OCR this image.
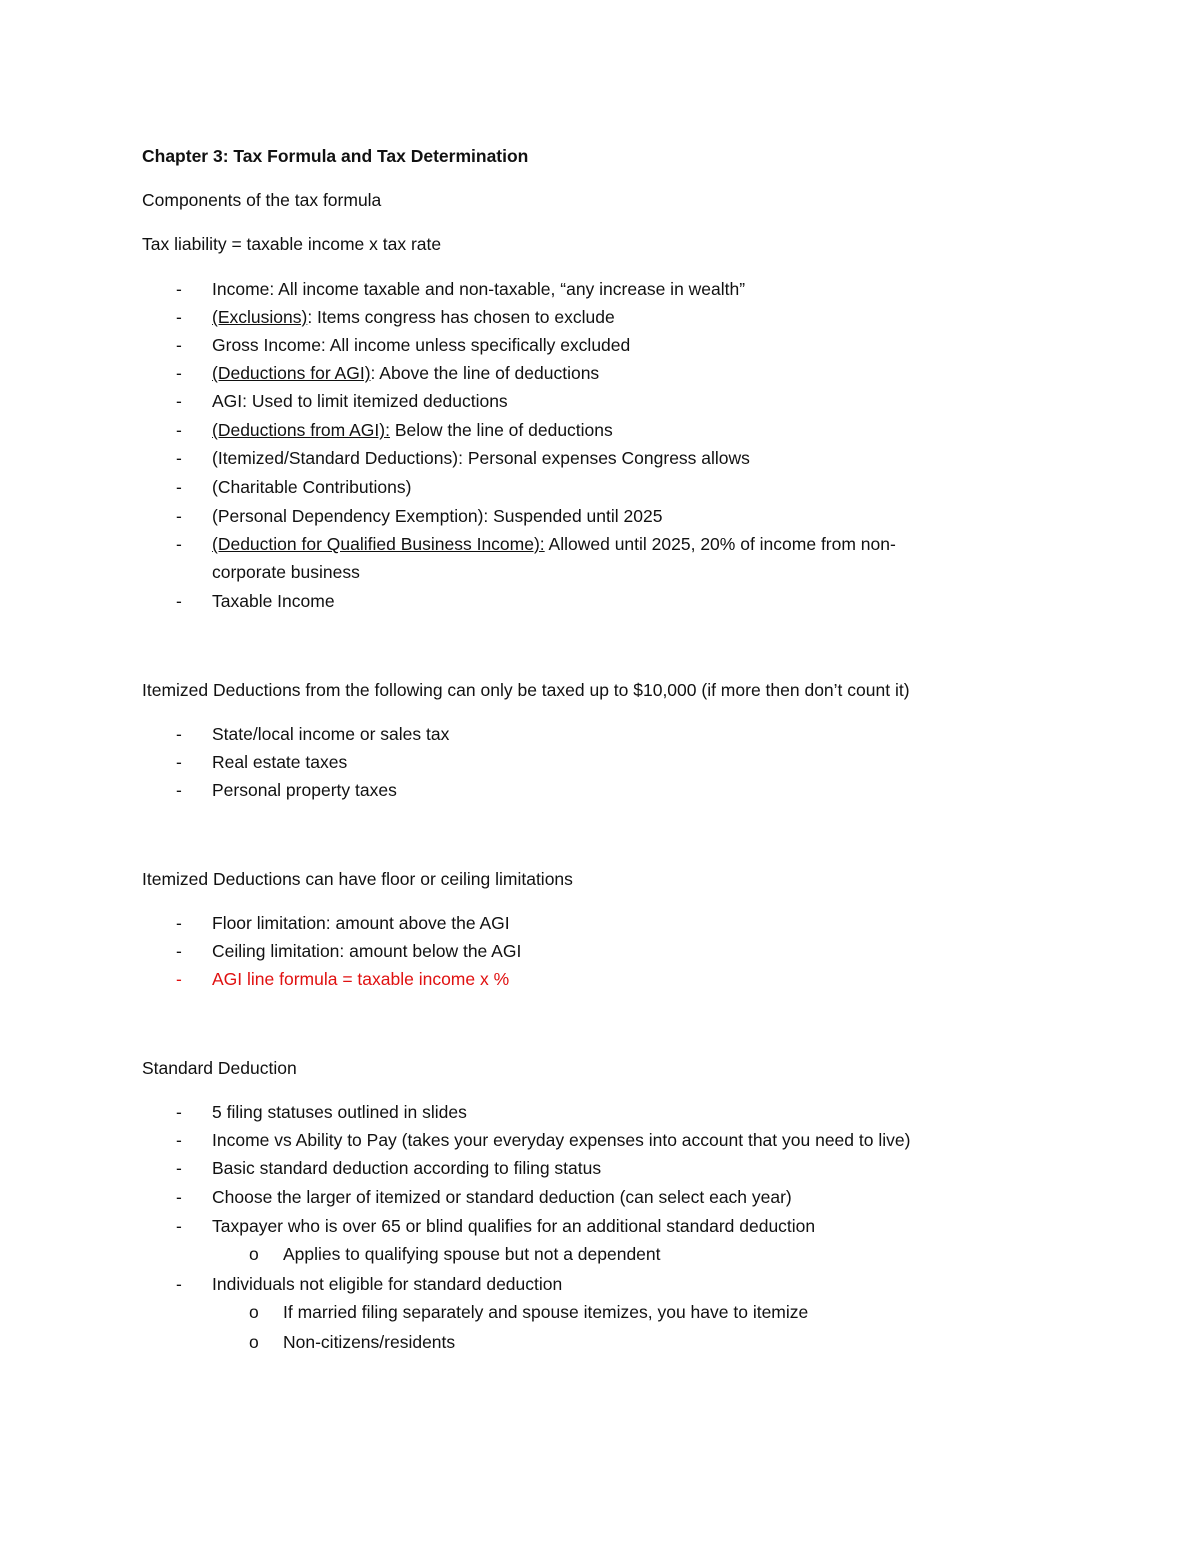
Chapter 3: Tax Formula and Tax Determination
Components of the tax formula
Tax liability = taxable income x tax rate
- Income: All income taxable and non-taxable, “any increase in wealth”
- (Exclusions): Items congress has chosen to exclude
- Gross Income: All income unless specifically excluded
- (Deductions for AGI): Above the line of deductions
- AGI: Used to limit itemized deductions
- (Deductions from AGI): Below the line of deductions
- (Itemized/Standard Deductions): Personal expenses Congress allows
- (Charitable Contributions)
- (Personal Dependency Exemption): Suspended until 2025
- (Deduction for Qualified Business Income): Allowed until 2025, 20% of income from non-
corporate business
- Taxable Income
Itemized Deductions from the following can only be taxed up to $10,000 (if more then don’t count it)
- State/local income or sales tax
- Real estate taxes
- Personal property taxes
Itemized Deductions can have floor or ceiling limitations
- Floor limitation: amount above the AGI
- Ceiling limitation: amount below the AGI
- AGI line formula = taxable income x %
Standard Deduction
- 5 filing statuses outlined in slides
- Income vs Ability to Pay (takes your everyday expenses into account that you need to live)
- Basic standard deduction according to filing status
- Choose the larger of itemized or standard deduction (can select each year)
- Taxpayer who is over 65 or blind qualifies for an additional standard deduction
o Applies to qualifying spouse but not a dependent
- Individuals not eligible for standard deduction
o If married filing separately and spouse itemizes, you have to itemize
o Non-citizens/residents
